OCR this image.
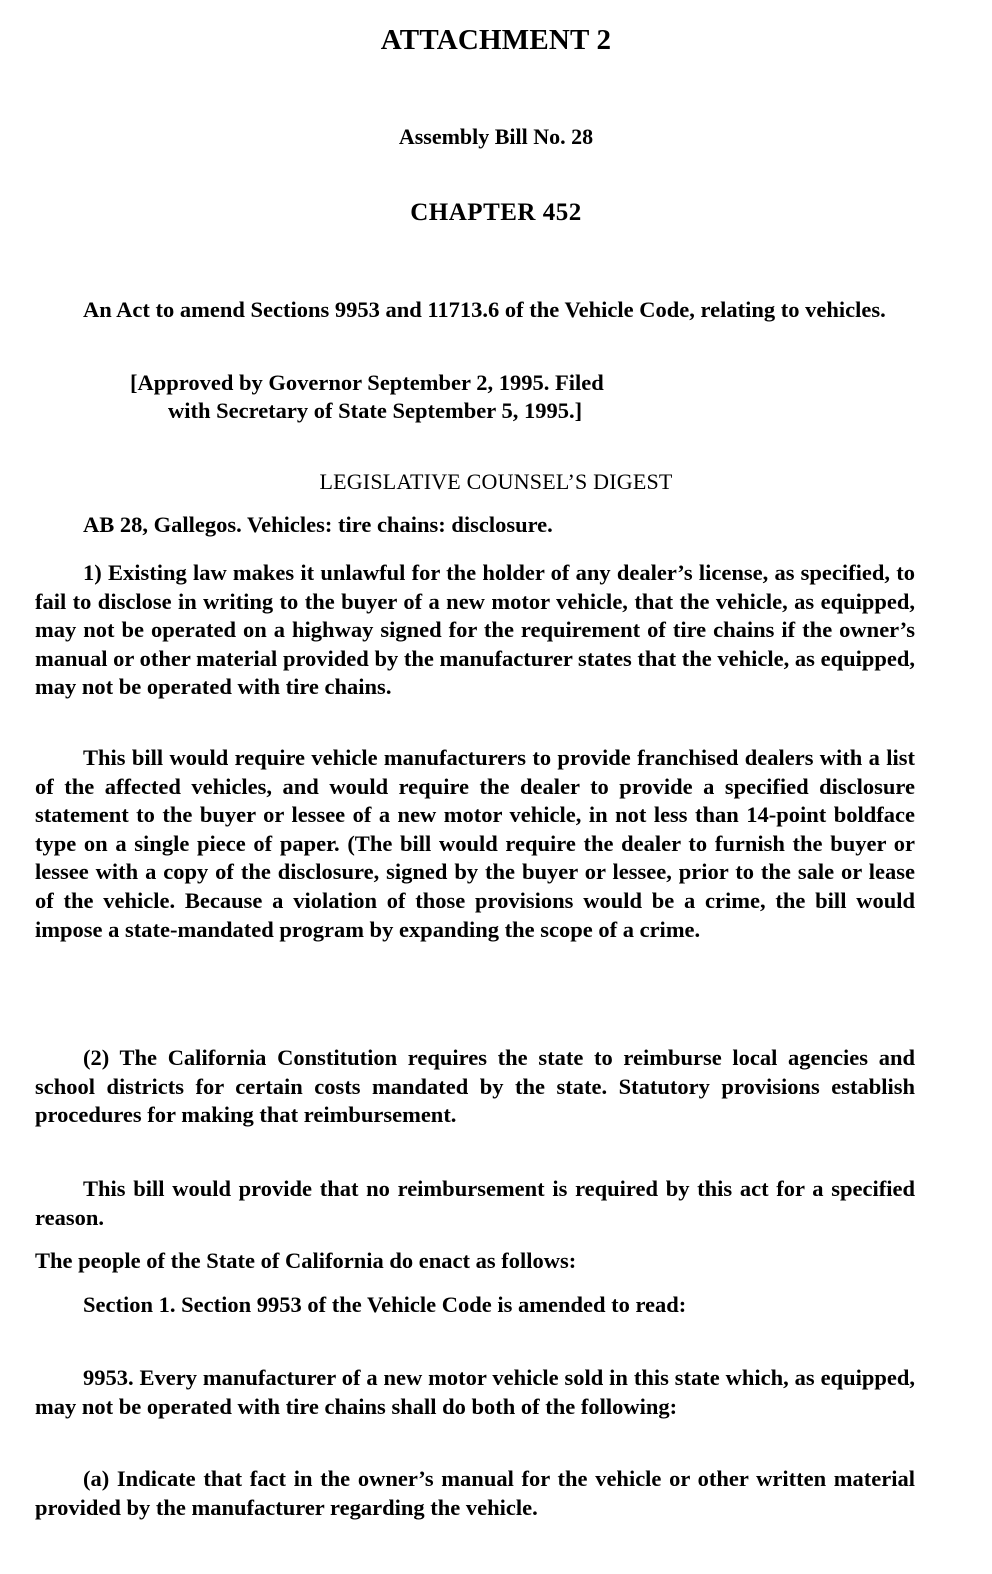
ATTACHMENT 2
Assembly Bill No. 28
CHAPTER 452

An Act to amend Sections 9953 and 11713.6 of the Vehicle Code, relating to vehicles.

[Approved by Governor September 2, 1995. Filed
with Secretary of State September 5, 1995.]
LEGISLATIVE COUNSEL’S DIGEST

AB 28, Gallegos. Vehicles: tire chains: disclosure.

1) Existing law makes it unlawful for the holder of any dealer’s license, as specified, to fail to disclose in writing to the buyer of a new motor vehicle, that the vehicle, as equipped, may not be operated on a highway signed for the requirement of tire chains if the owner’s manual or other material provided by the manufacturer states that the vehicle, as equipped, may not be operated with tire chains.

This bill would require vehicle manufacturers to provide franchised dealers with a list of the affected vehicles, and would require the dealer to provide a specified disclosure statement to the buyer or lessee of a new motor vehicle, in not less than 14-point boldface type on a single piece of paper. (The bill would require the dealer to furnish the buyer or lessee with a copy of the disclosure, signed by the buyer or lessee, prior to the sale or lease of the vehicle. Because a violation of those provisions would be a crime, the bill would impose a state-mandated program by expanding the scope of a crime.

(2) The California Constitution requires the state to reimburse local agencies and school districts for certain costs mandated by the state. Statutory provisions establish procedures for making that reimbursement.

This bill would provide that no reimbursement is required by this act for a specified reason.

The people of the State of California do enact as follows:

Section 1. Section 9953 of the Vehicle Code is amended to read:

9953. Every manufacturer of a new motor vehicle sold in this state which, as equipped, may not be operated with tire chains shall do both of the following:

(a) Indicate that fact in the owner’s manual for the vehicle or other written material provided by the manufacturer regarding the vehicle.
